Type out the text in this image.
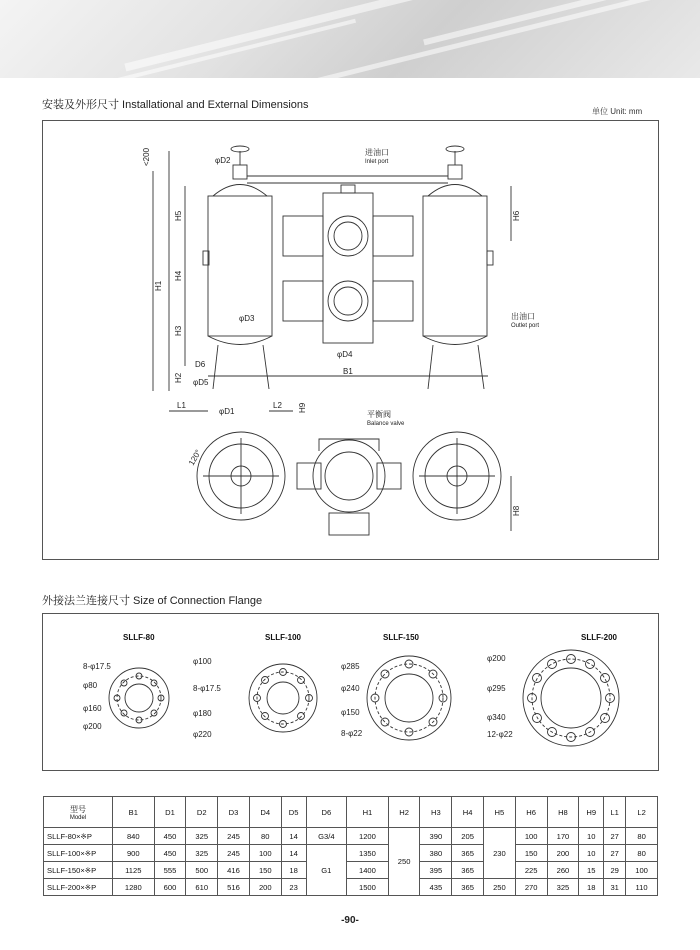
安装及外形尺寸 Installational and External Dimensions
单位 Unit: mm
<200
H5
H4
H3
H2
H1
L1	L2 H9
H6
H8
φD2
φD3
φD4
D6
φD5
φD1
B1
进油口
Inlet port
出油口
Outlet port
平衡阀
Balance valve
120°
外接法兰连接尺寸 Size of Connection Flange
SLLF-80
8-φ17.5
φ80
φ160
φ200
SLLF-100
φ100
8-φ17.5
φ180
φ220
SLLF-150
φ285
φ240
φ150
8-φ22
SLLF-200
φ200
φ295
φ340
12-φ22
型号
Model	B1	D1	D2	D3	D4	D5	D6	H1	H2	H3	H4	H5	H6	H8	H9	L1	L2
SLLF-80×※P	840	450	325	245	80	14	G3/4	1200	250	390	205	230	100	170	10	27	80
SLLF-100×※P	900	450	325	245	100	14	G1	1350		380	365		150	200	10	27	80
SLLF-150×※P	1125	555	500	416	150	18		1400		395	365		225	260	15	29	100
SLLF-200×※P	1280	600	610	516	200	23		1500		435	365	250	270	325	18	31	110
-90-
